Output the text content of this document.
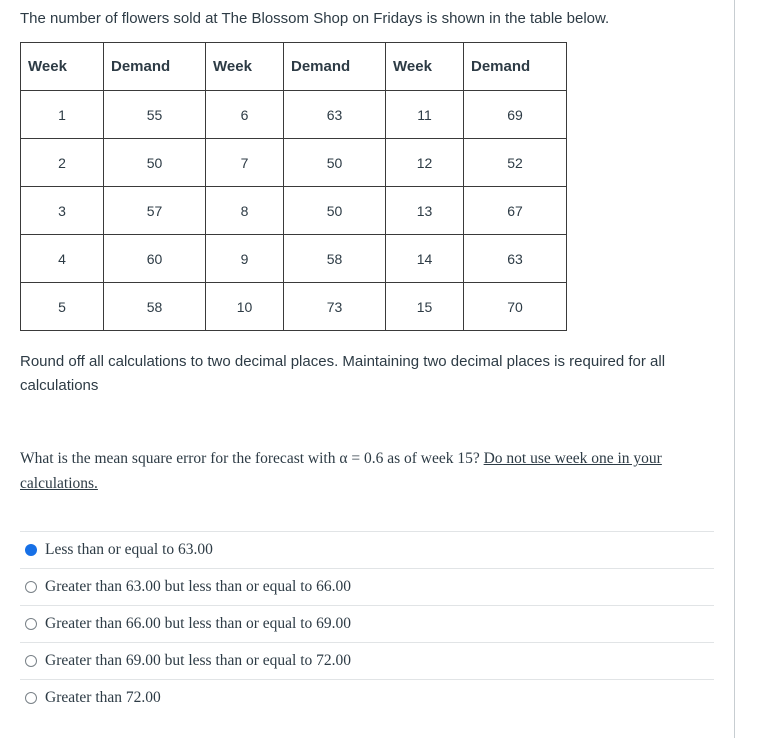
The number of flowers sold at The Blossom Shop on Fridays is shown in the table below.
Week	Demand	Week	Demand	Week	Demand
1	55	6	63	11	69
2	50	7	50	12	52
3	57	8	50	13	67
4	60	9	58	14	63
5	58	10	73	15	70
Round off all calculations to two decimal places. Maintaining two decimal places is required for all calculations
What is the mean square error for the forecast with α = 0.6 as of week 15? Do not use week one in your calculations.
Less than or equal to 63.00
Greater than 63.00 but less than or equal to 66.00
Greater than 66.00 but less than or equal to 69.00
Greater than 69.00 but less than or equal to 72.00
Greater than 72.00
